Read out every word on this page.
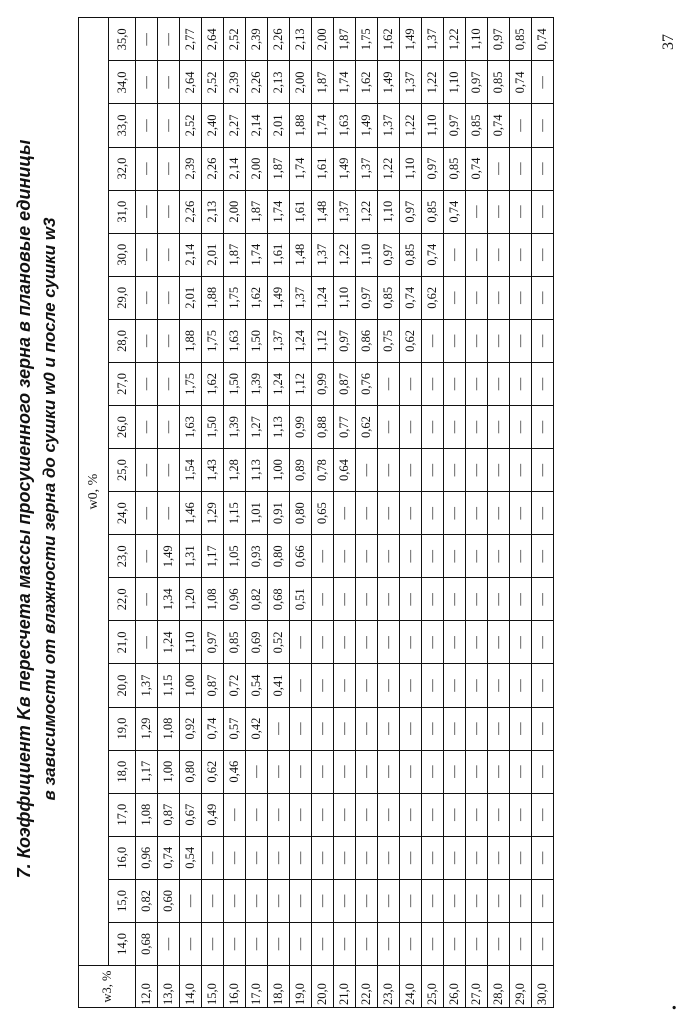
7. Коэффициент Kв пересчета массы просушенного зерна в плановые единицы в зависимости от влажности зерна до сушки w0 и после сушки w3
w3, %	w0, %																					
	14,0	15,0	16,0	17,0	18,0	19,0	20,0	21,0	22,0	23,0	24,0	25,0	26,0	27,0	28,0	29,0	30,0	31,0	32,0	33,0	34,0	35,0
12,0	0,68	0,82	0,96	1,08	1,17	1,29	1,37	—	—	—	—	—	—	—	—	—	—	—	—	—	—	—
13,0	—	0,60	0,74	0,87	1,00	1,08	1,15	1,24	1,34	1,49	—	—	—	—	—	—	—	—	—	—	—	—
14,0	—	—	0,54	0,67	0,80	0,92	1,00	1,10	1,20	1,31	1,46	1,54	1,63	1,75	1,88	2,01	2,14	2,26	2,39	2,52	2,64	2,77
15,0	—	—	—	0,49	0,62	0,74	0,87	0,97	1,08	1,17	1,29	1,43	1,50	1,62	1,75	1,88	2,01	2,13	2,26	2,40	2,52	2,64
16,0	—	—	—	—	0,46	0,57	0,72	0,85	0,96	1,05	1,15	1,28	1,39	1,50	1,63	1,75	1,87	2,00	2,14	2,27	2,39	2,52
17,0	—	—	—	—	—	0,42	0,54	0,69	0,82	0,93	1,01	1,13	1,27	1,39	1,50	1,62	1,74	1,87	2,00	2,14	2,26	2,39
18,0	—	—	—	—	—	—	0,41	0,52	0,68	0,80	0,91	1,00	1,13	1,24	1,37	1,49	1,61	1,74	1,87	2,01	2,13	2,26
19,0	—	—	—	—	—	—	—	—	0,51	0,66	0,80	0,89	0,99	1,12	1,24	1,37	1,48	1,61	1,74	1,88	2,00	2,13
20,0	—	—	—	—	—	—	—	—	—	—	0,65	0,78	0,88	0,99	1,12	1,24	1,37	1,48	1,61	1,74	1,87	2,00
21,0	—	—	—	—	—	—	—	—	—	—	—	0,64	0,77	0,87	0,97	1,10	1,22	1,37	1,49	1,63	1,74	1,87
22,0	—	—	—	—	—	—	—	—	—	—	—	—	0,62	0,76	0,86	0,97	1,10	1,22	1,37	1,49	1,62	1,75
23,0	—	—	—	—	—	—	—	—	—	—	—	—	—	—	0,75	0,85	0,97	1,10	1,22	1,37	1,49	1,62
24,0	—	—	—	—	—	—	—	—	—	—	—	—	—	—	0,62	0,74	0,85	0,97	1,10	1,22	1,37	1,49
25,0	—	—	—	—	—	—	—	—	—	—	—	—	—	—	—	0,62	0,74	0,85	0,97	1,10	1,22	1,37
26,0	—	—	—	—	—	—	—	—	—	—	—	—	—	—	—	—	—	0,74	0,85	0,97	1,10	1,22
27,0	—	—	—	—	—	—	—	—	—	—	—	—	—	—	—	—	—	—	0,74	0,85	0,97	1,10
28,0	—	—	—	—	—	—	—	—	—	—	—	—	—	—	—	—	—	—	—	0,74	0,85	0,97
29,0	—	—	—	—	—	—	—	—	—	—	—	—	—	—	—	—	—	—	—	—	0,74	0,85
30,0	—	—	—	—	—	—	—	—	—	—	—	—	—	—	—	—	—	—	—	—	—	0,74	37
•
